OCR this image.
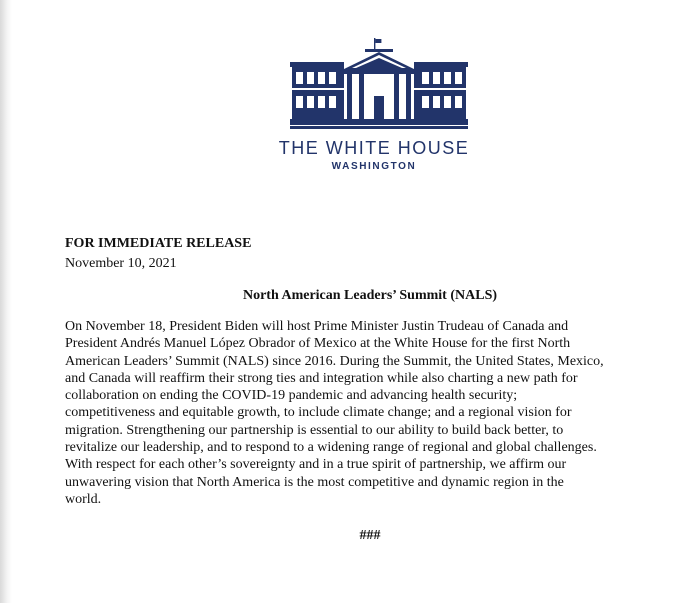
THE WHITE HOUSE
WASHINGTON
FOR IMMEDIATE RELEASE
November 10, 2021
North American Leaders’ Summit (NALS)
On November 18, President Biden will host Prime Minister Justin Trudeau of Canada and
President Andrés Manuel López Obrador of Mexico at the White House for the first North
American Leaders’ Summit (NALS) since 2016. During the Summit, the United States, Mexico,
and Canada will reaffirm their strong ties and integration while also charting a new path for
collaboration on ending the COVID-19 pandemic and advancing health security;
competitiveness and equitable growth, to include climate change; and a regional vision for
migration. Strengthening our partnership is essential to our ability to build back better, to
revitalize our leadership, and to respond to a widening range of regional and global challenges.
With respect for each other’s sovereignty and in a true spirit of partnership, we affirm our
unwavering vision that North America is the most competitive and dynamic region in the
world.
###
